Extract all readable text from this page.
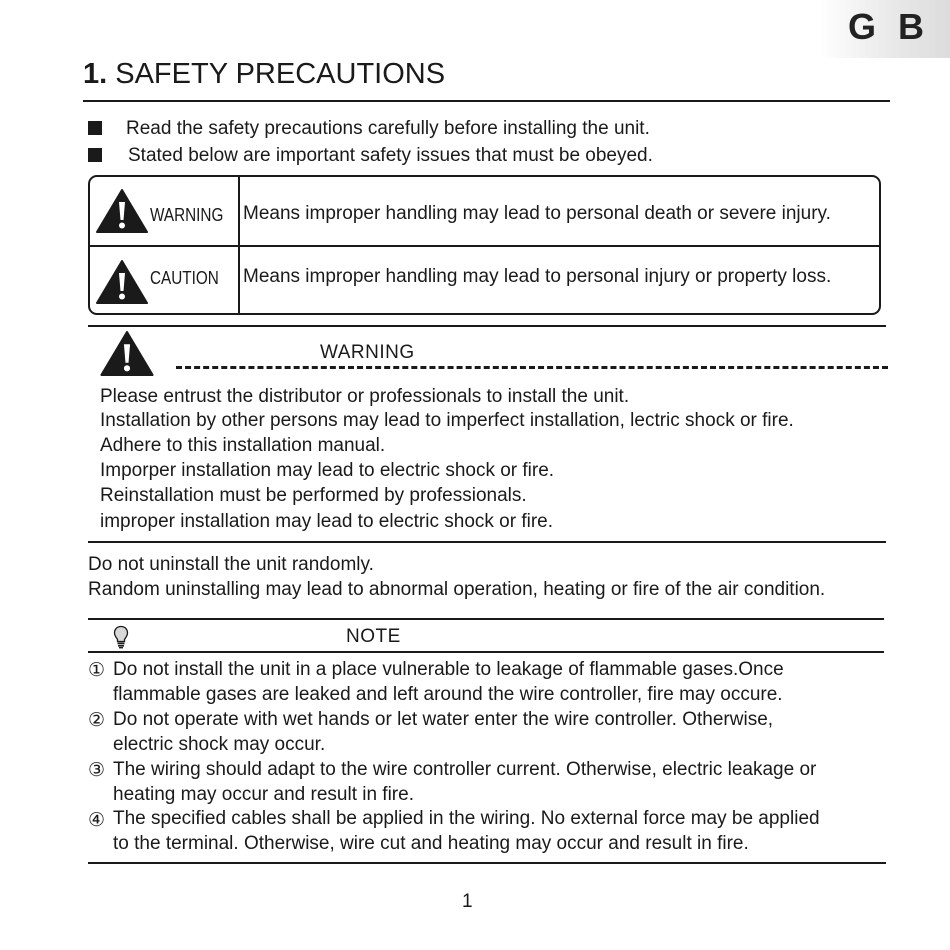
G B
1. SAFETY PRECAUTIONS
Read the safety precautions carefully before installing the unit.
Stated below are important safety issues that must be obeyed.
WARNING Means improper handling may lead to personal death or severe injury.
CAUTION Means improper handling may lead to personal injury or property loss.
WARNING
Please entrust the distributor or professionals to install the unit.
Installation by other persons may lead to imperfect installation, lectric shock or fire.
Adhere to this installation manual.
Imporper installation may lead to electric shock or fire.
Reinstallation must be performed by professionals.
improper installation may lead to electric shock or fire.
Do not uninstall the unit randomly.
Random uninstalling may lead to abnormal operation, heating or fire of the air condition.
NOTE
① Do not install the unit in a place vulnerable to leakage of flammable gases.Once
flammable gases are leaked and left around the wire controller, fire may occure.
② Do not operate with wet hands or let water enter the wire controller. Otherwise,
electric shock may occur.
③ The wiring should adapt to the wire controller current. Otherwise, electric leakage or
heating may occur and result in fire.
④ The specified cables shall be applied in the wiring. No external force may be applied
to the terminal. Otherwise, wire cut and heating may occur and result in fire.
1
